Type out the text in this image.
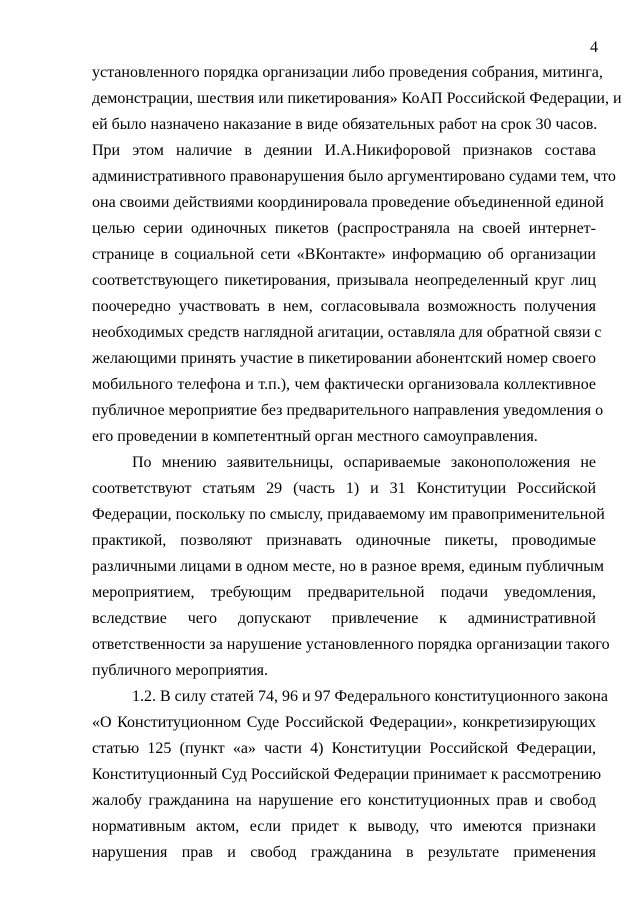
4
установленного порядка организации либо проведения собрания, митинга,
демонстрации, шествия или пикетирования» КоАП Российской Федерации, и
ей было назначено наказание в виде обязательных работ на срок 30 часов.
При этом наличие в деянии И.А.Никифоровой признаков состава
административного правонарушения было аргументировано судами тем, что
она своими действиями координировала проведение объединенной единой
целью серии одиночных пикетов (распространяла на своей интернет-
странице в социальной сети «ВКонтакте» информацию об организации
соответствующего пикетирования, призывала неопределенный круг лиц
поочередно участвовать в нем, согласовывала возможность получения
необходимых средств наглядной агитации, оставляла для обратной связи с
желающими принять участие в пикетировании абонентский номер своего
мобильного телефона и т.п.), чем фактически организовала коллективное
публичное мероприятие без предварительного направления уведомления о
его проведении в компетентный орган местного самоуправления.
По мнению заявительницы, оспариваемые законоположения не
соответствуют статьям 29 (часть 1) и 31 Конституции Российской
Федерации, поскольку по смыслу, придаваемому им правоприменительной
практикой, позволяют признавать одиночные пикеты, проводимые
различными лицами в одном месте, но в разное время, единым публичным
мероприятием, требующим предварительной подачи уведомления,
вследствие чего допускают привлечение к административной
ответственности за нарушение установленного порядка организации такого
публичного мероприятия.
1.2. В силу статей 74, 96 и 97 Федерального конституционного закона
«О Конституционном Суде Российской Федерации», конкретизирующих
статью 125 (пункт «а» части 4) Конституции Российской Федерации,
Конституционный Суд Российской Федерации принимает к рассмотрению
жалобу гражданина на нарушение его конституционных прав и свобод
нормативным актом, если придет к выводу, что имеются признаки
нарушения прав и свобод гражданина в результате применения
